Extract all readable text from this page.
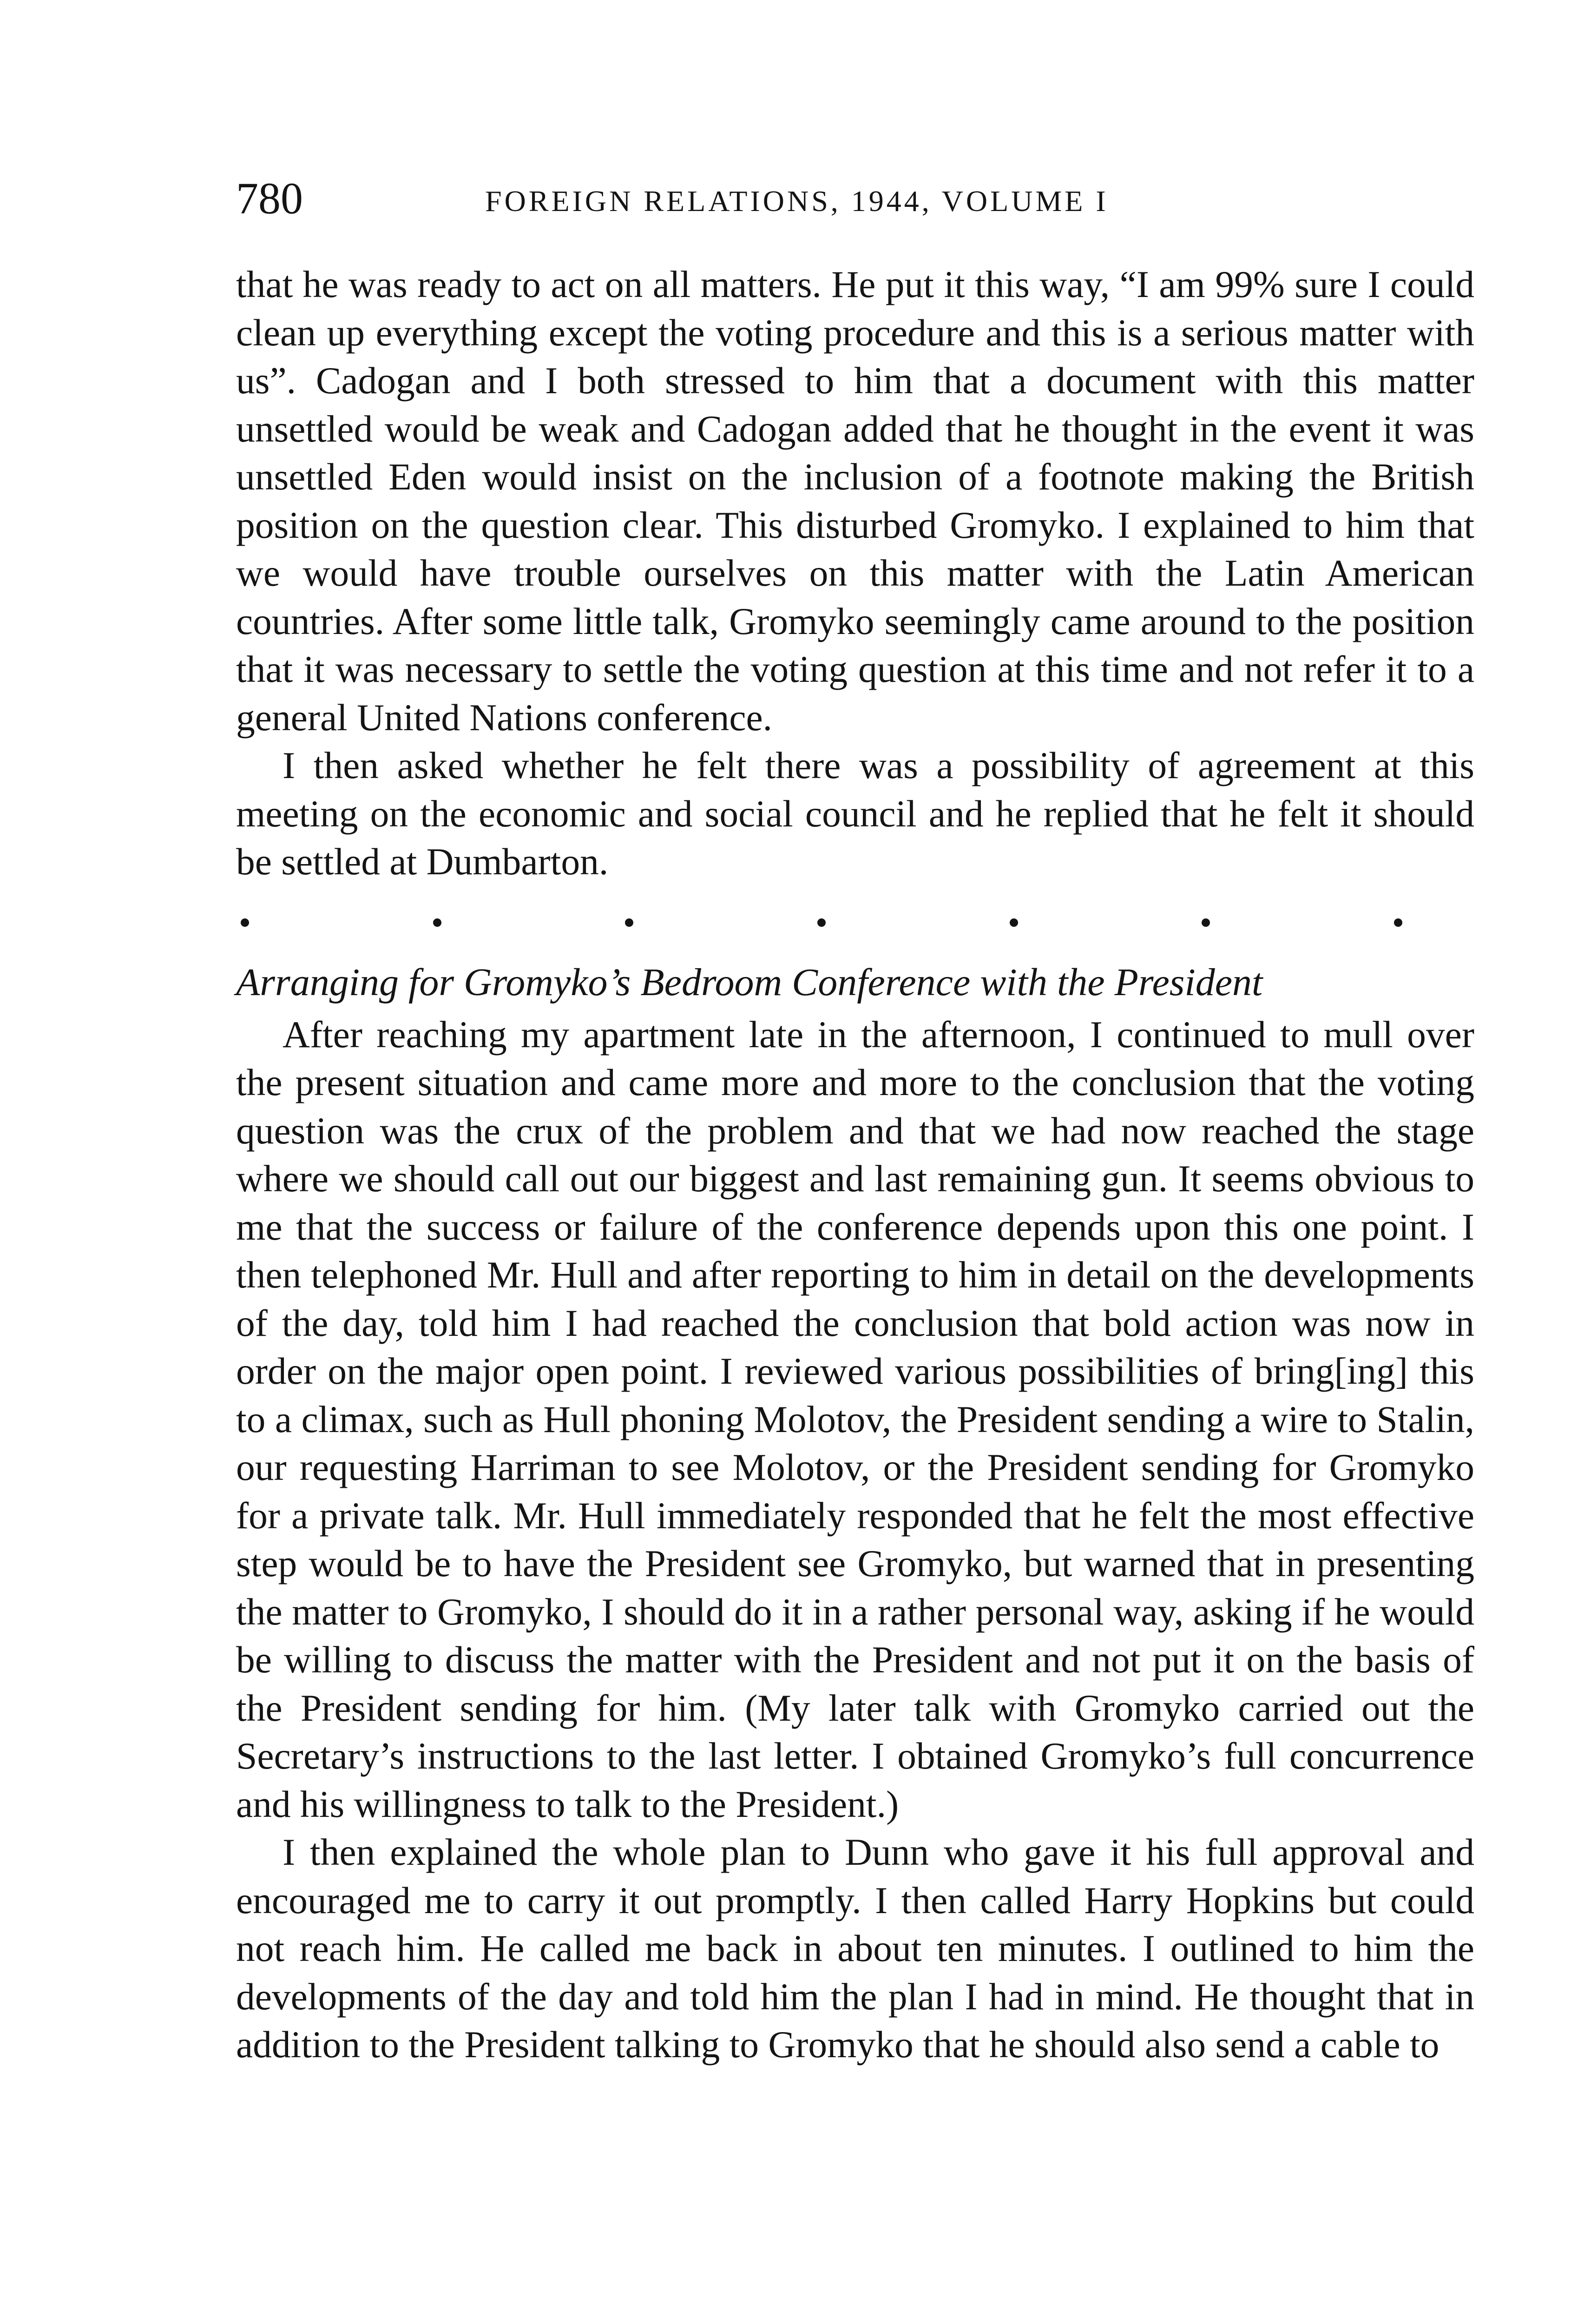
780	FOREIGN RELATIONS, 1944, VOLUME I

that he was ready to act on all matters. He put it this way, “I am 99% sure I could clean up everything except the voting procedure and this is a serious matter with us”. Cadogan and I both stressed to him that a document with this matter unsettled would be weak and Cadogan added that he thought in the event it was unsettled Eden would insist on the inclusion of a footnote making the British position on the question clear. This disturbed Gromyko. I explained to him that we would have trouble ourselves on this matter with the Latin American countries. After some little talk, Gromyko seemingly came around to the position that it was necessary to settle the voting question at this time and not refer it to a general United Nations conference.

I then asked whether he felt there was a possibility of agreement at this meeting on the economic and social council and he replied that he felt it should be settled at Dumbarton.

Arranging for Gromyko’s Bedroom Conference with the President

After reaching my apartment late in the afternoon, I continued to mull over the present situation and came more and more to the conclusion that the voting question was the crux of the problem and that we had now reached the stage where we should call out our biggest and last remaining gun. It seems obvious to me that the success or failure of the conference depends upon this one point. I then telephoned Mr. Hull and after reporting to him in detail on the developments of the day, told him I had reached the conclusion that bold action was now in order on the major open point. I reviewed various possibilities of bring[ing] this to a climax, such as Hull phoning Molotov, the President sending a wire to Stalin, our requesting Harriman to see Molotov, or the President sending for Gromyko for a private talk. Mr. Hull immediately responded that he felt the most effective step would be to have the President see Gromyko, but warned that in presenting the matter to Gromyko, I should do it in a rather personal way, asking if he would be willing to discuss the matter with the President and not put it on the basis of the President sending for him. (My later talk with Gromyko carried out the Secretary’s instructions to the last letter. I obtained Gromyko’s full concurrence and his willingness to talk to the President.)

I then explained the whole plan to Dunn who gave it his full approval and encouraged me to carry it out promptly. I then called Harry Hopkins but could not reach him. He called me back in about ten minutes. I outlined to him the developments of the day and told him the plan I had in mind. He thought that in addition to the President talking to Gromyko that he should also send a cable to
